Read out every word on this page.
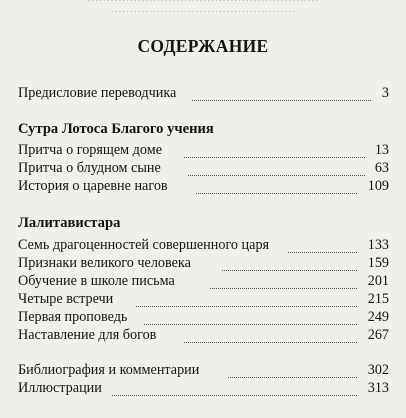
····························································
················································
СОДЕРЖАНИЕ
Предисловие переводчика	3
Сутра Лотоса Благого учения
Притча о горящем доме	13
Притча о блудном сыне	63
История о царевне нагов	109
Лалитавистара
Семь драгоценностей совершенного царя	133
Признаки великого человека	159
Обучение в школе письма	201
Четыре встречи	215
Первая проповедь	249
Наставление для богов	267
Библиография и комментарии	302
Иллюстрации	313
